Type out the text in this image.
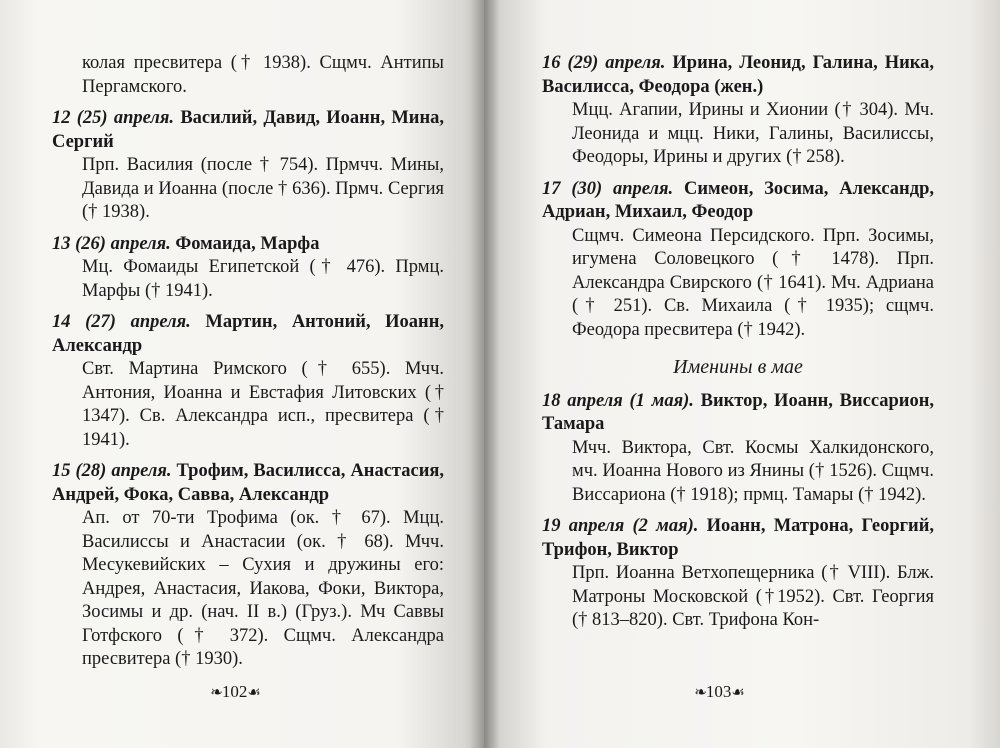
колая пресвитера († 1938). Сщмч. Антипы Пергамского.
12 (25) апреля. Василий, Давид, Иоанн, Мина, Сергий
Прп. Василия (после † 754). Прмчч. Мины, Давида и Иоанна (после † 636). Прмч. Сергия († 1938).
13 (26) апреля. Фомаида, Марфа
Мц. Фомаиды Египетской († 476). Прмц. Марфы († 1941).
14 (27) апреля. Мартин, Антоний, Иоанн, Александр
Свт. Мартина Римского († 655). Мчч. Антония, Иоанна и Евстафия Литовских († 1347). Св. Александра исп., пресвитера († 1941).
15 (28) апреля. Трофим, Василисса, Анастасия, Андрей, Фока, Савва, Александр
Ап. от 70-ти Трофима (ок. † 67). Мцц. Василиссы и Анастасии (ок. † 68). Мчч. Месукевийских – Сухия и дружины его: Андрея, Анастасия, Иакова, Фоки, Виктора, Зосимы и др. (нач. II в.) (Груз.). Мч Саввы Готфского († 372). Сщмч. Александра пресвитера († 1930).
❧102☙
16 (29) апреля. Ирина, Леонид, Галина, Ника, Василисса, Феодора (жен.)
Мцц. Агапии, Ирины и Хионии († 304). Мч. Леонида и мцц. Ники, Галины, Василиссы, Феодоры, Ирины и других († 258).
17 (30) апреля. Симеон, Зосима, Александр, Адриан, Михаил, Феодор
Сщмч. Симеона Персидского. Прп. Зосимы, игумена Соловецкого († 1478). Прп. Александра Свирского († 1641). Мч. Адриана († 251). Св. Михаила († 1935); сщмч. Феодора пресвитера († 1942).
Именины в мае
18 апреля (1 мая). Виктор, Иоанн, Виссарион, Тамара
Мчч. Виктора, Свт. Космы Халкидонского, мч. Иоанна Нового из Янины († 1526). Сщмч. Виссариона († 1918); прмц. Тамары († 1942).
19 апреля (2 мая). Иоанн, Матрона, Георгий, Трифон, Виктор
Прп. Иоанна Ветхопещерника († VIII). Блж. Матроны Московской (†1952). Свт. Георгия († 813–820). Свт. Трифона Кон-
❧103☙
